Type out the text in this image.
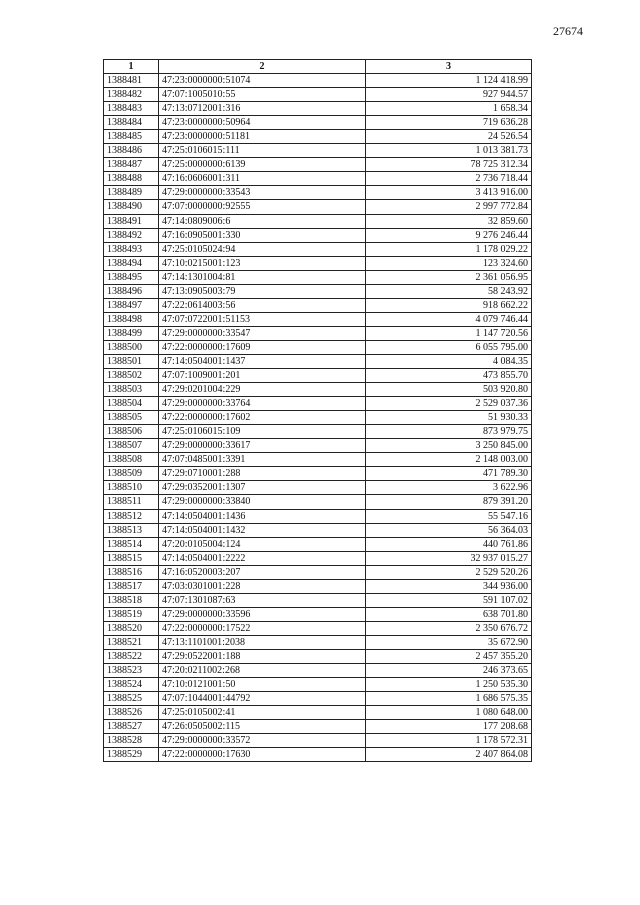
27674
1	2	3
1388481	47:23:0000000:51074	1 124 418.99
1388482	47:07:1005010:55	927 944.57
1388483	47:13:0712001:316	1 658.34
1388484	47:23:0000000:50964	719 636.28
1388485	47:23:0000000:51181	24 526.54
1388486	47:25:0106015:111	1 013 381.73
1388487	47:25:0000000:6139	78 725 312.34
1388488	47:16:0606001:311	2 736 718.44
1388489	47:29:0000000:33543	3 413 916.00
1388490	47:07:0000000:92555	2 997 772.84
1388491	47:14:0809006:6	32 859.60
1388492	47:16:0905001:330	9 276 246.44
1388493	47:25:0105024:94	1 178 029.22
1388494	47:10:0215001:123	123 324.60
1388495	47:14:1301004:81	2 361 056.95
1388496	47:13:0905003:79	58 243.92
1388497	47:22:0614003:56	918 662.22
1388498	47:07:0722001:51153	4 079 746.44
1388499	47:29:0000000:33547	1 147 720.56
1388500	47:22:0000000:17609	6 055 795.00
1388501	47:14:0504001:1437	4 084.35
1388502	47:07:1009001:201	473 855.70
1388503	47:29:0201004:229	503 920.80
1388504	47:29:0000000:33764	2 529 037.36
1388505	47:22:0000000:17602	51 930.33
1388506	47:25:0106015:109	873 979.75
1388507	47:29:0000000:33617	3 250 845.00
1388508	47:07:0485001:3391	2 148 003.00
1388509	47:29:0710001:288	471 789.30
1388510	47:29:0352001:1307	3 622.96
1388511	47:29:0000000:33840	879 391.20
1388512	47:14:0504001:1436	55 547.16
1388513	47:14:0504001:1432	56 364.03
1388514	47:20:0105004:124	440 761.86
1388515	47:14:0504001:2222	32 937 015.27
1388516	47:16:0520003:207	2 529 520.26
1388517	47:03:0301001:228	344 936.00
1388518	47:07:1301087:63	591 107.02
1388519	47:29:0000000:33596	638 701.80
1388520	47:22:0000000:17522	2 350 676.72
1388521	47:13:1101001:2038	35 672.90
1388522	47:29:0522001:188	2 457 355.20
1388523	47:20:0211002:268	246 373.65
1388524	47:10:0121001:50	1 250 535.30
1388525	47:07:1044001:44792	1 686 575.35
1388526	47:25:0105002:41	1 080 648.00
1388527	47:26:0505002:115	177 208.68
1388528	47:29:0000000:33572	1 178 572.31
1388529	47:22:0000000:17630	2 407 864.08
